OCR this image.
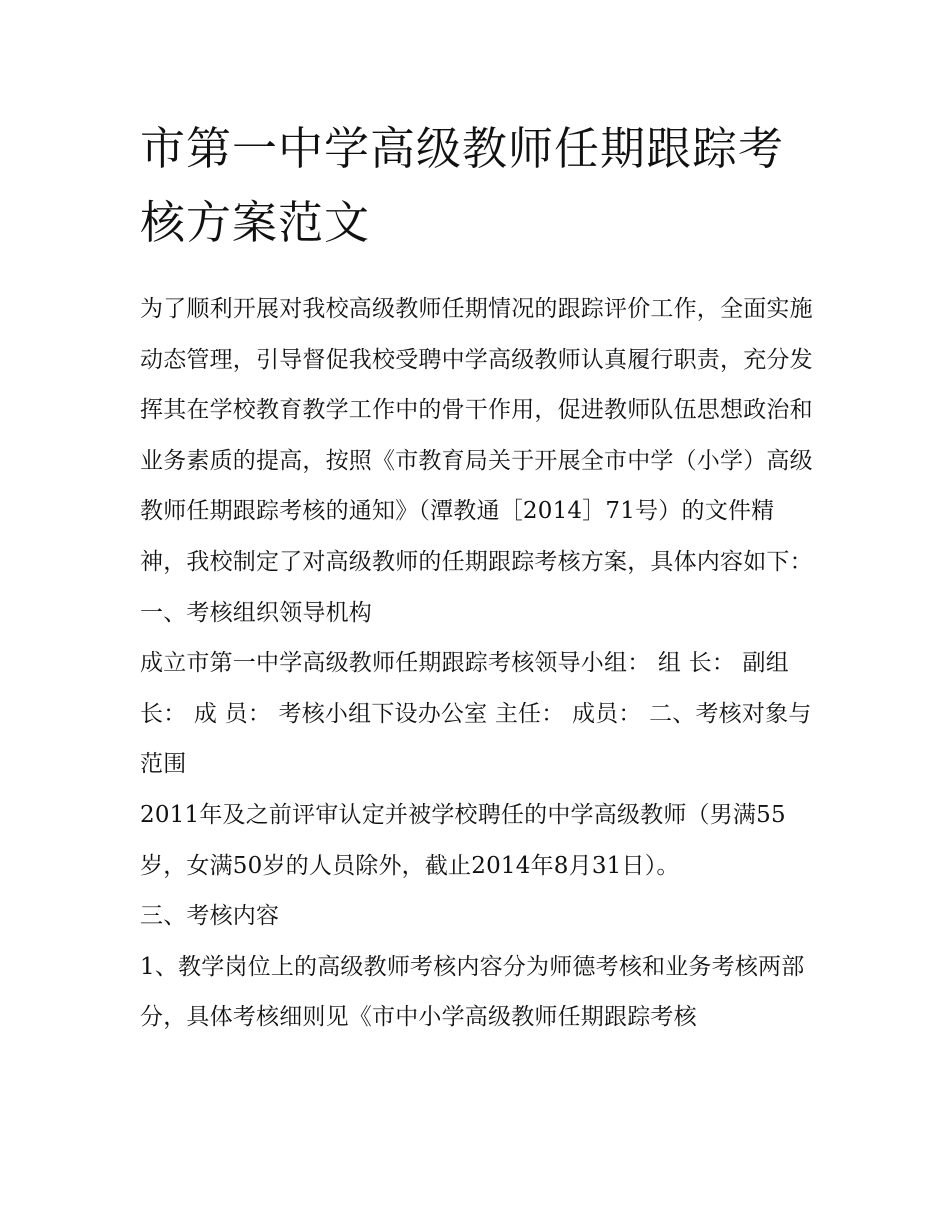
市第一中学高级教师任期跟踪考核方案范文

为了顺利开展对我校高级教师任期情况的跟踪评价工作，全面实施动态管理，引导督促我校受聘中学高级教师认真履行职责，充分发挥其在学校教育教学工作中的骨干作用，促进教师队伍思想政治和业务素质的提高，按照《市教育局关于开展全市中学（小学）高级

教师任期跟踪考核的通知》（潭教通［2014］71号）的文件精神，我校制定了对高级教师的任期跟踪考核方案，具体内容如下： 一、考核组织领导机构

成立市第一中学高级教师任期跟踪考核领导小组： 组 长： 副组长： 成 员： 考核小组下设办公室 主任： 成员： 二、考核对象与范围

2011年及之前评审认定并被学校聘任的中学高级教师（男满55岁，女满50岁的人员除外，截止2014年8月31日）。

三、考核内容

1、教学岗位上的高级教师考核内容分为师德考核和业务考核两部分，具体考核细则见《市中小学高级教师任期跟踪考核
